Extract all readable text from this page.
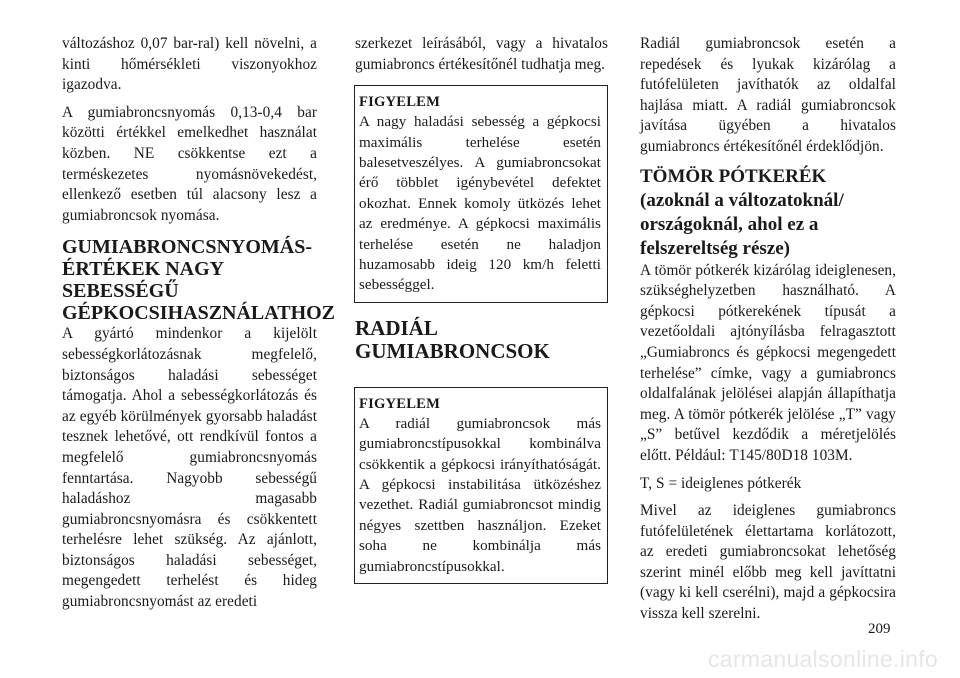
változáshoz 0,07 bar-ral) kell növelni, a kinti hőmérsékleti viszonyokhoz igazodva.

A gumiabroncsnyomás 0,13-0,4 bar közötti értékkel emelkedhet használat közben. NE csökkentse ezt a terméskezetes nyomásnövekedést, ellenkező esetben túl alacsony lesz a gumiabroncsok nyomása.

GUMIABRONCSNYOMÁS-ÉRTÉKEK NAGY SEBESSÉGŰ GÉPKOCSIHASZNÁLATHOZ

A gyártó mindenkor a kijelölt sebességkorlátozásnak megfelelő, biztonságos haladási sebességet támogatja. Ahol a sebességkorlátozás és az egyéb körülmények gyorsabb haladást tesznek lehetővé, ott rendkívül fontos a megfelelő gumiabroncsnyomás fenntartása. Nagyobb sebességű haladáshoz magasabb gumiabroncsnyomásra és csökkentett terhelésre lehet szükség. Az ajánlott, biztonságos haladási sebességet, megengedett terhelést és hideg gumiabroncsnyomást az eredeti

szerkezet leírásából, vagy a hivatalos gumiabroncs értékesítőnél tudhatja meg.

FIGYELEM

A nagy haladási sebesség a gépkocsi maximális terhelése esetén balesetveszélyes. A gumiabroncsokat érő többlet igénybevétel defektet okozhat. Ennek komoly ütközés lehet az eredménye. A gépkocsi maximális terhelése esetén ne haladjon huzamosabb ideig 120 km/h feletti sebességgel.

RADIÁL GUMIABRONCSOK
FIGYELEM

A radiál gumiabroncsok más gumiabroncstípusokkal kombinálva csökkentik a gépkocsi irányíthatóságát. A gépkocsi instabilitása ütközéshez vezethet. Radiál gumiabroncsot mindig négyes szettben használjon. Ezeket soha ne kombinálja más gumiabroncstípusokkal.

Radiál gumiabroncsok esetén a repedések és lyukak kizárólag a futófelületen javíthatók az oldalfal hajlása miatt. A radiál gumiabroncsok javítása ügyében a hivatalos gumiabroncs értékesítőnél érdeklődjön.

TÖMÖR PÓTKERÉK (azoknál a változatoknál/ országoknál, ahol ez a felszereltség része)

A tömör pótkerék kizárólag ideiglenesen, szükséghelyzetben használható. A gépkocsi pótkerekének típusát a vezetőoldali ajtónyílásba felragasztott „Gumiabroncs és gépkocsi megengedett terhelése” címke, vagy a gumiabroncs oldalfalának jelölései alapján állapíthatja meg. A tömör pótkerék jelölése „T” vagy „S” betűvel kezdődik a méretjelölés előtt. Például: T145/80D18 103M.

T, S = ideiglenes pótkerék

Mivel az ideiglenes gumiabroncs futófelületének élettartama korlátozott, az eredeti gumiabroncsokat lehetőség szerint minél előbb meg kell javíttatni (vagy ki kell cserélni), majd a gépkocsira vissza kell szerelni.

209
carmanualsonline.info
